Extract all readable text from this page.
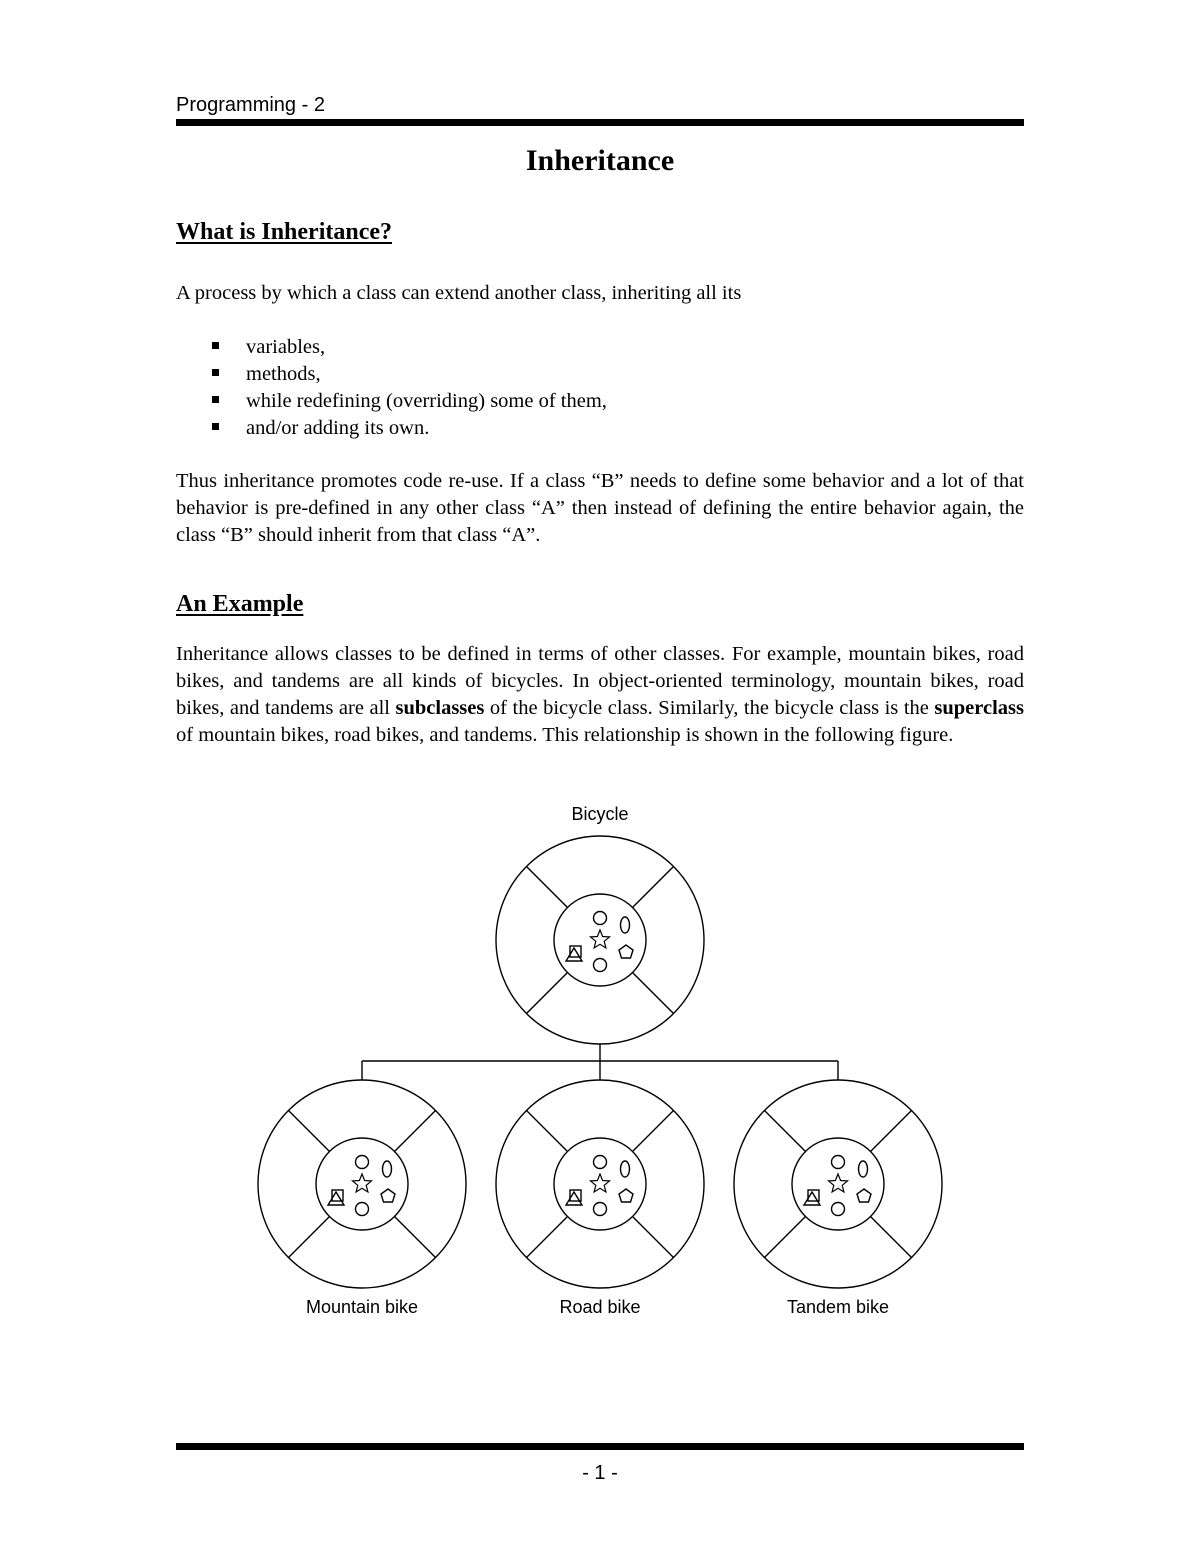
Programming - 2
Inheritance
What is Inheritance?
A process by which a class can extend another class, inheriting all its
variables,
methods,
while redefining (overriding) some of them,
and/or adding its own.
Thus inheritance promotes code re-use. If a class “B” needs to define some behavior and a lot of that behavior is pre-defined in any other class “A” then instead of defining the entire behavior again, the class “B” should inherit from that class “A”.
An Example
Inheritance allows classes to be defined in terms of other classes. For example, mountain bikes, road bikes, and tandems are all kinds of bicycles. In object-oriented terminology, mountain bikes, road bikes, and tandems are all subclasses of the bicycle class. Similarly, the bicycle class is the superclass of mountain bikes, road bikes, and tandems. This relationship is shown in the following figure.
Bicycle
Mountain bike	Road bike	Tandem bike
- 1 -
